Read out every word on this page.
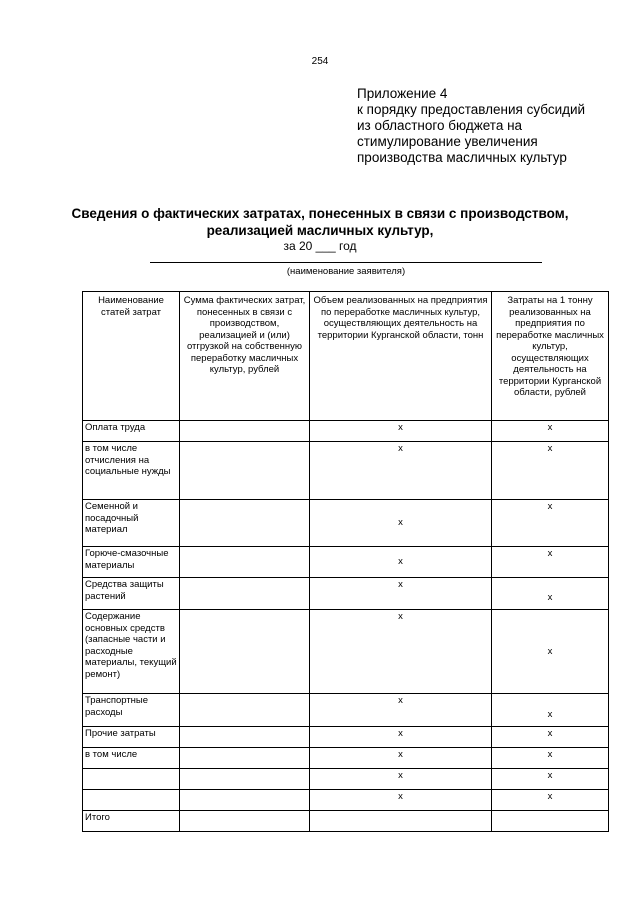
254
Приложение 4
к порядку предоставления субсидий
из областного бюджета на
стимулирование увеличения
производства масличных культур
Сведения о фактических затратах, понесенных в связи с производством,
реализацией масличных культур,
за 20 ___ год
(наименование заявителя)
Наименование статей затрат	Сумма фактических затрат, понесенных в связи с производством, реализацией и (или) отгрузкой на собственную переработку масличных культур, рублей	Объем реализованных на предприятия по переработке масличных культур, осуществляющих деятельность на территории Курганской области, тонн	Затраты на 1 тонну реализованных на предприятия по переработке масличных культур, осуществляющих деятельность на территории Курганской области, рублей
Оплата труда		x	x
в том числе отчисления на социальные нужды		x	x
Семенной и посадочный материал		x	x
Горюче-смазочные материалы		x	x
Средства защиты растений		x	x
Содержание основных средств (запасные части и расходные материалы, текущий ремонт)		x	x
Транспортные расходы		x	x
Прочие затраты		x	x
в том числе		x	x
		x	x
		x	x
Итого			
